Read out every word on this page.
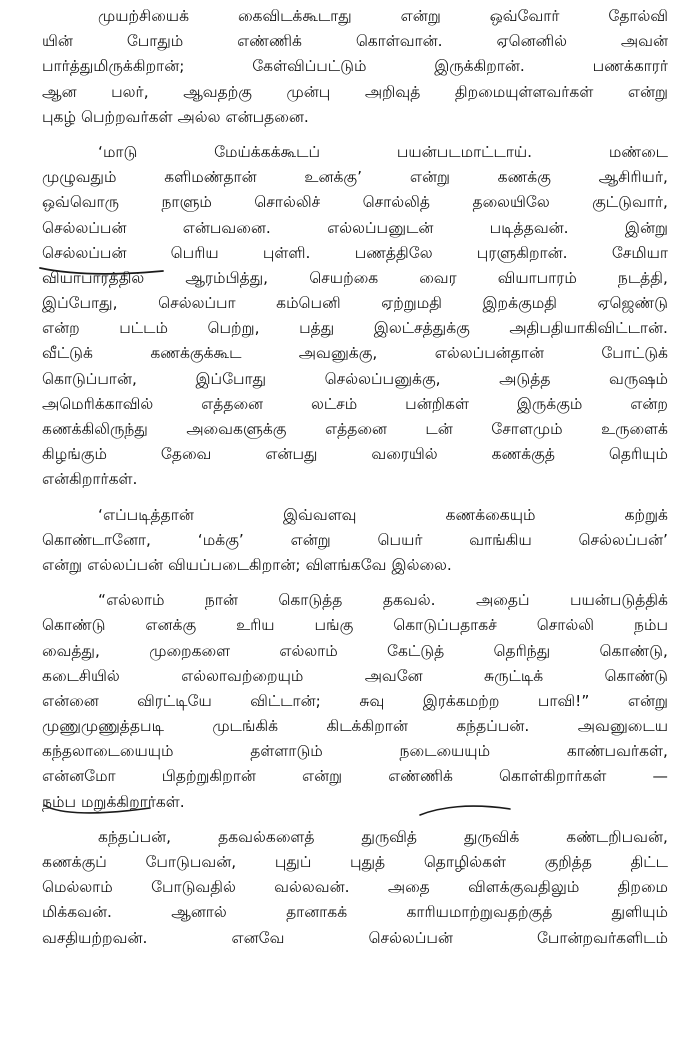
முயற்சியைக் கைவிடக்கூடாது என்று ஒவ்வோர் தோல்வி
யின் போதும் எண்ணிக் கொள்வான். ஏனெனில் அவன்
பார்த்துமிருக்கிறான்; கேள்விப்பட்டும் இருக்கிறான். பணக்காரர்
ஆன பலர், ஆவதற்கு முன்பு அறிவுத் திறமையுள்ளவர்கள் என்று
புகழ் பெற்றவர்கள் அல்ல என்பதனை.
‘மாடு மேய்க்கக்கூடப் பயன்படமாட்டாய். மண்டை
முழுவதும் களிமண்தான் உனக்கு’ என்று கணக்கு ஆசிரியர்,
ஒவ்வொரு நாளும் சொல்லிச் சொல்லித் தலையிலே குட்டுவார்,
செல்லப்பன் என்பவனை. எல்லப்பனுடன் படித்தவன். இன்று
செல்லப்பன் பெரிய புள்ளி. பணத்திலே புரளுகிறான். சேமியா
வியாபாரத்தில் ஆரம்பித்து, செயற்கை வைர வியாபாரம் நடத்தி,
இப்போது, செல்லப்பா கம்பெனி ஏற்றுமதி இறக்குமதி ஏஜெண்டு
என்ற பட்டம் பெற்று, பத்து இலட்சத்துக்கு அதிபதியாகிவிட்டான்.
வீட்டுக் கணக்குக்கூட அவனுக்கு, எல்லப்பன்தான் போட்டுக்
கொடுப்பான், இப்போது செல்லப்பனுக்கு, அடுத்த வருஷம்
அமெரிக்காவில் எத்தனை லட்சம் பன்றிகள் இருக்கும் என்ற
கணக்கிலிருந்து அவைகளுக்கு எத்தனை டன் சோளமும் உருளைக்
கிழங்கும் தேவை என்பது வரையில் கணக்குத் தெரியும்
என்கிறார்கள்.
‘எப்படித்தான் இவ்வளவு கணக்கையும் கற்றுக்
கொண்டானோ, ‘மக்கு’ என்று பெயர் வாங்கிய செல்லப்பன்’
என்று எல்லப்பன் வியப்படைகிறான்; விளங்கவே இல்லை.
“எல்லாம் நான் கொடுத்த தகவல். அதைப் பயன்படுத்திக்
கொண்டு எனக்கு உரிய பங்கு கொடுப்பதாகச் சொல்லி நம்ப
வைத்து, முறைகளை எல்லாம் கேட்டுத் தெரிந்து கொண்டு,
கடைசியில் எல்லாவற்றையும் அவனே சுருட்டிக் கொண்டு
என்னை விரட்டியே விட்டான்; சுவு இரக்கமற்ற பாவி!” என்று
முணுமுணுத்தபடி முடங்கிக் கிடக்கிறான் கந்தப்பன். அவனுடைய
கந்தலாடையையும் தள்ளாடும் நடையையும் காண்பவர்கள்,
என்னமோ பிதற்றுகிறான் என்று எண்ணிக் கொள்கிறார்கள் —
நம்ப மறுக்கிறார்கள்.
கந்தப்பன், தகவல்களைத் துருவித் துருவிக் கண்டறிபவன்,
கணக்குப் போடுபவன், புதுப் புதுத் தொழில்கள் குறித்த திட்ட
மெல்லாம் போடுவதில் வல்லவன். அதை விளக்குவதிலும் திறமை
மிக்கவன். ஆனால் தானாகக் காரியமாற்றுவதற்குத் துளியும்
வசதியற்றவன். எனவே செல்லப்பன் போன்றவர்களிடம்
